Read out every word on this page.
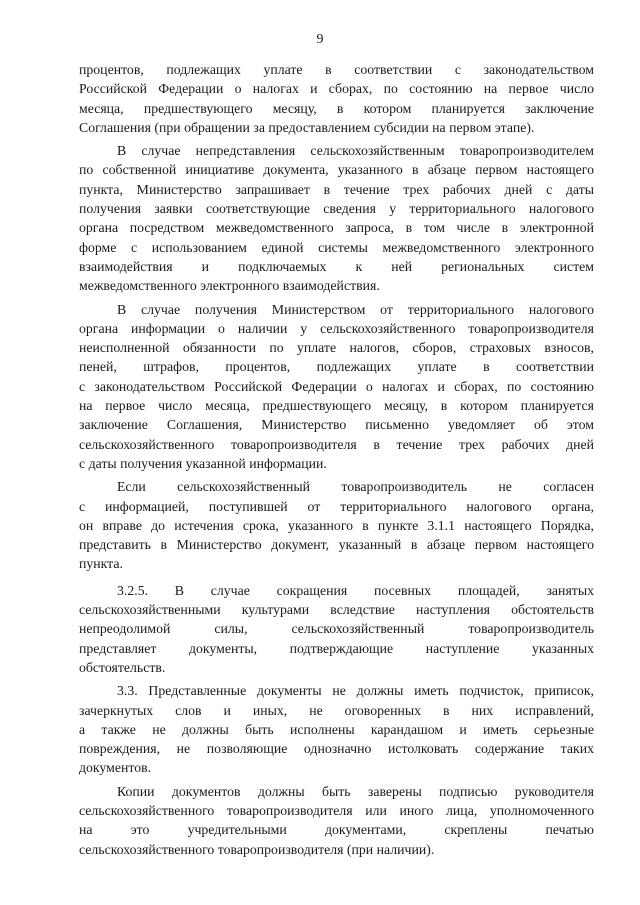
9
процентов, подлежащих уплате в соответствии с законодательством
Российской Федерации о налогах и сборах, по состоянию на первое число
месяца, предшествующего месяцу, в котором планируется заключение
Соглашения (при обращении за предоставлением субсидии на первом этапе).
В случае непредставления сельскохозяйственным товаропроизводителем
по собственной инициативе документа, указанного в абзаце первом настоящего
пункта, Министерство запрашивает в течение трех рабочих дней с даты
получения заявки соответствующие сведения у территориального налогового
органа посредством межведомственного запроса, в том числе в электронной
форме с использованием единой системы межведомственного электронного
взаимодействия и подключаемых к ней региональных систем
межведомственного электронного взаимодействия.
В случае получения Министерством от территориального налогового
органа информации о наличии у сельскохозяйственного товаропроизводителя
неисполненной обязанности по уплате налогов, сборов, страховых взносов,
пеней, штрафов, процентов, подлежащих уплате в соответствии
с законодательством Российской Федерации о налогах и сборах, по состоянию
на первое число месяца, предшествующего месяцу, в котором планируется
заключение Соглашения, Министерство письменно уведомляет об этом
сельскохозяйственного товаропроизводителя в течение трех рабочих дней
с даты получения указанной информации.
Если сельскохозяйственный товаропроизводитель не согласен
с информацией, поступившей от территориального налогового органа,
он вправе до истечения срока, указанного в пункте 3.1.1 настоящего Порядка,
представить в Министерство документ, указанный в абзаце первом настоящего
пункта.
3.2.5. В случае сокращения посевных площадей, занятых
сельскохозяйственными культурами вследствие наступления обстоятельств
непреодолимой силы, сельскохозяйственный товаропроизводитель
представляет документы, подтверждающие наступление указанных
обстоятельств.
3.3. Представленные документы не должны иметь подчисток, приписок,
зачеркнутых слов и иных, не оговоренных в них исправлений,
а также не должны быть исполнены карандашом и иметь серьезные
повреждения, не позволяющие однозначно истолковать содержание таких
документов.
Копии документов должны быть заверены подписью руководителя
сельскохозяйственного товаропроизводителя или иного лица, уполномоченного
на это учредительными документами, скреплены печатью
сельскохозяйственного товаропроизводителя (при наличии).
